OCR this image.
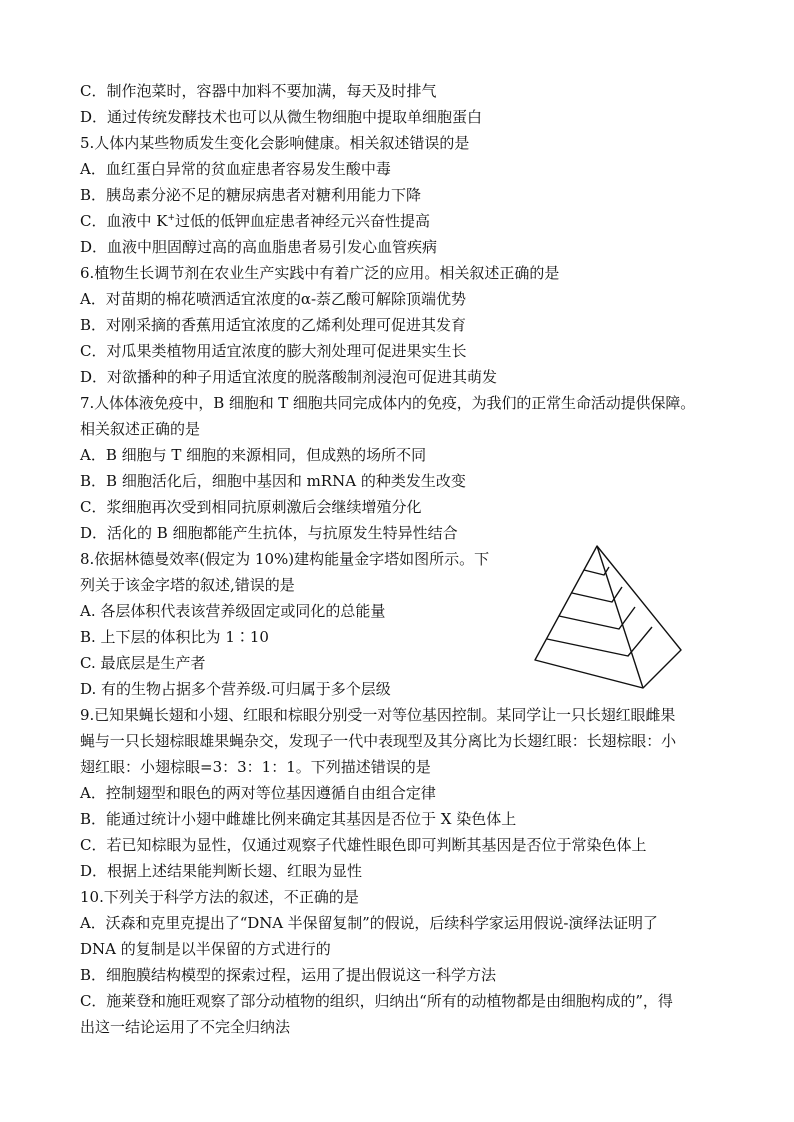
C．制作泡菜时，容器中加料不要加满，每天及时排气
D．通过传统发酵技术也可以从微生物细胞中提取单细胞蛋白
5.人体内某些物质发生变化会影响健康。相关叙述错误的是
A．血红蛋白异常的贫血症患者容易发生酸中毒
B．胰岛素分泌不足的糖尿病患者对糖利用能力下降
C．血液中 K+过低的低钾血症患者神经元兴奋性提高
D．血液中胆固醇过高的高血脂患者易引发心血管疾病
6.植物生长调节剂在农业生产实践中有着广泛的应用。相关叙述正确的是
A．对苗期的棉花喷洒适宜浓度的α-萘乙酸可解除顶端优势
B．对刚采摘的香蕉用适宜浓度的乙烯利处理可促进其发育
C．对瓜果类植物用适宜浓度的膨大剂处理可促进果实生长
D．对欲播种的种子用适宜浓度的脱落酸制剂浸泡可促进其萌发
7.人体体液免疫中，B 细胞和 T 细胞共同完成体内的免疫，为我们的正常生命活动提供保障。
相关叙述正确的是
A．B 细胞与 T 细胞的来源相同，但成熟的场所不同
B．B 细胞活化后，细胞中基因和 mRNA 的种类发生改变
C．浆细胞再次受到相同抗原刺激后会继续增殖分化
D．活化的 B 细胞都能产生抗体，与抗原发生特异性结合
8.依据林德曼效率(假定为 10%)建构能量金字塔如图所示。下
列关于该金字塔的叙述,错误的是
A. 各层体积代表该营养级固定或同化的总能量
B. 上下层的体积比为 1∶10
C. 最底层是生产者
D. 有的生物占据多个营养级.可归属于多个层级
9.已知果蝇长翅和小翅、红眼和棕眼分别受一对等位基因控制。某同学让一只长翅红眼雌果
蝇与一只长翅棕眼雄果蝇杂交，发现子一代中表现型及其分离比为长翅红眼：长翅棕眼：小
翅红眼：小翅棕眼=3：3：1：1。下列描述错误的是
A．控制翅型和眼色的两对等位基因遵循自由组合定律
B．能通过统计小翅中雌雄比例来确定其基因是否位于 X 染色体上
C．若已知棕眼为显性，仅通过观察子代雄性眼色即可判断其基因是否位于常染色体上
D．根据上述结果能判断长翅、红眼为显性
10.下列关于科学方法的叙述，不正确的是
A．沃森和克里克提出了“DNA 半保留复制”的假说，后续科学家运用假说-演绎法证明了
DNA 的复制是以半保留的方式进行的
B．细胞膜结构模型的探索过程，运用了提出假说这一科学方法
C．施莱登和施旺观察了部分动植物的组织，归纳出“所有的动植物都是由细胞构成的”，得
出这一结论运用了不完全归纳法
